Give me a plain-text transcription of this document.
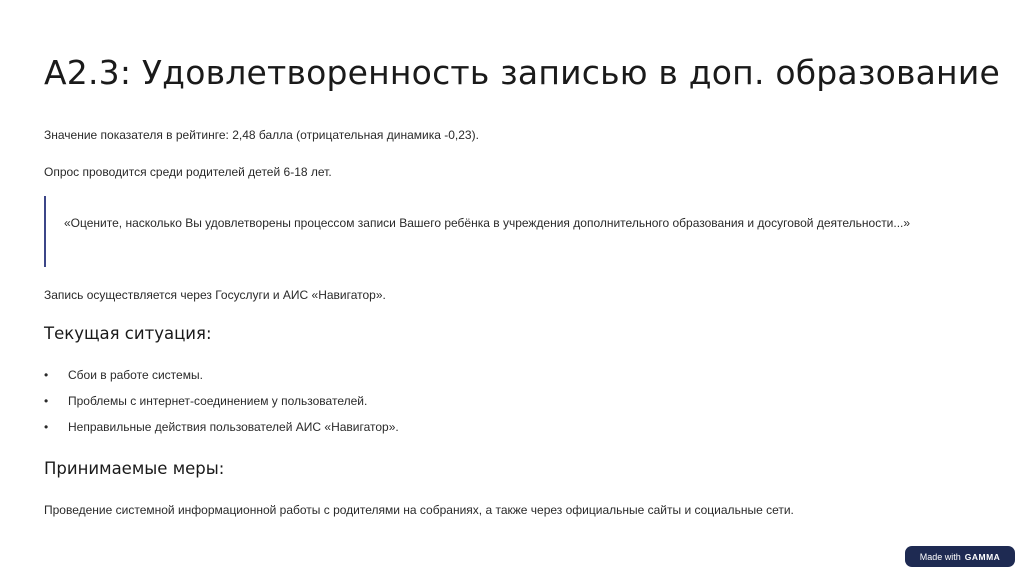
А2.3: Удовлетворенность записью в доп. образование
Значение показателя в рейтинге: 2,48 балла (отрицательная динамика -0,23).
Опрос проводится среди родителей детей 6-18 лет.
«Оцените, насколько Вы удовлетворены процессом записи Вашего ребёнка в учреждения дополнительного образования и досуговой деятельности...»
Запись осуществляется через Госуслуги и АИС «Навигатор».
Текущая ситуация:
• Сбои в работе системы.
• Проблемы с интернет-соединением у пользователей.
• Неправильные действия пользователей АИС «Навигатор».
Принимаемые меры:
Проведение системной информационной работы с родителями на собраниях, а также через официальные сайты и социальные сети.
Made with GAMMA
